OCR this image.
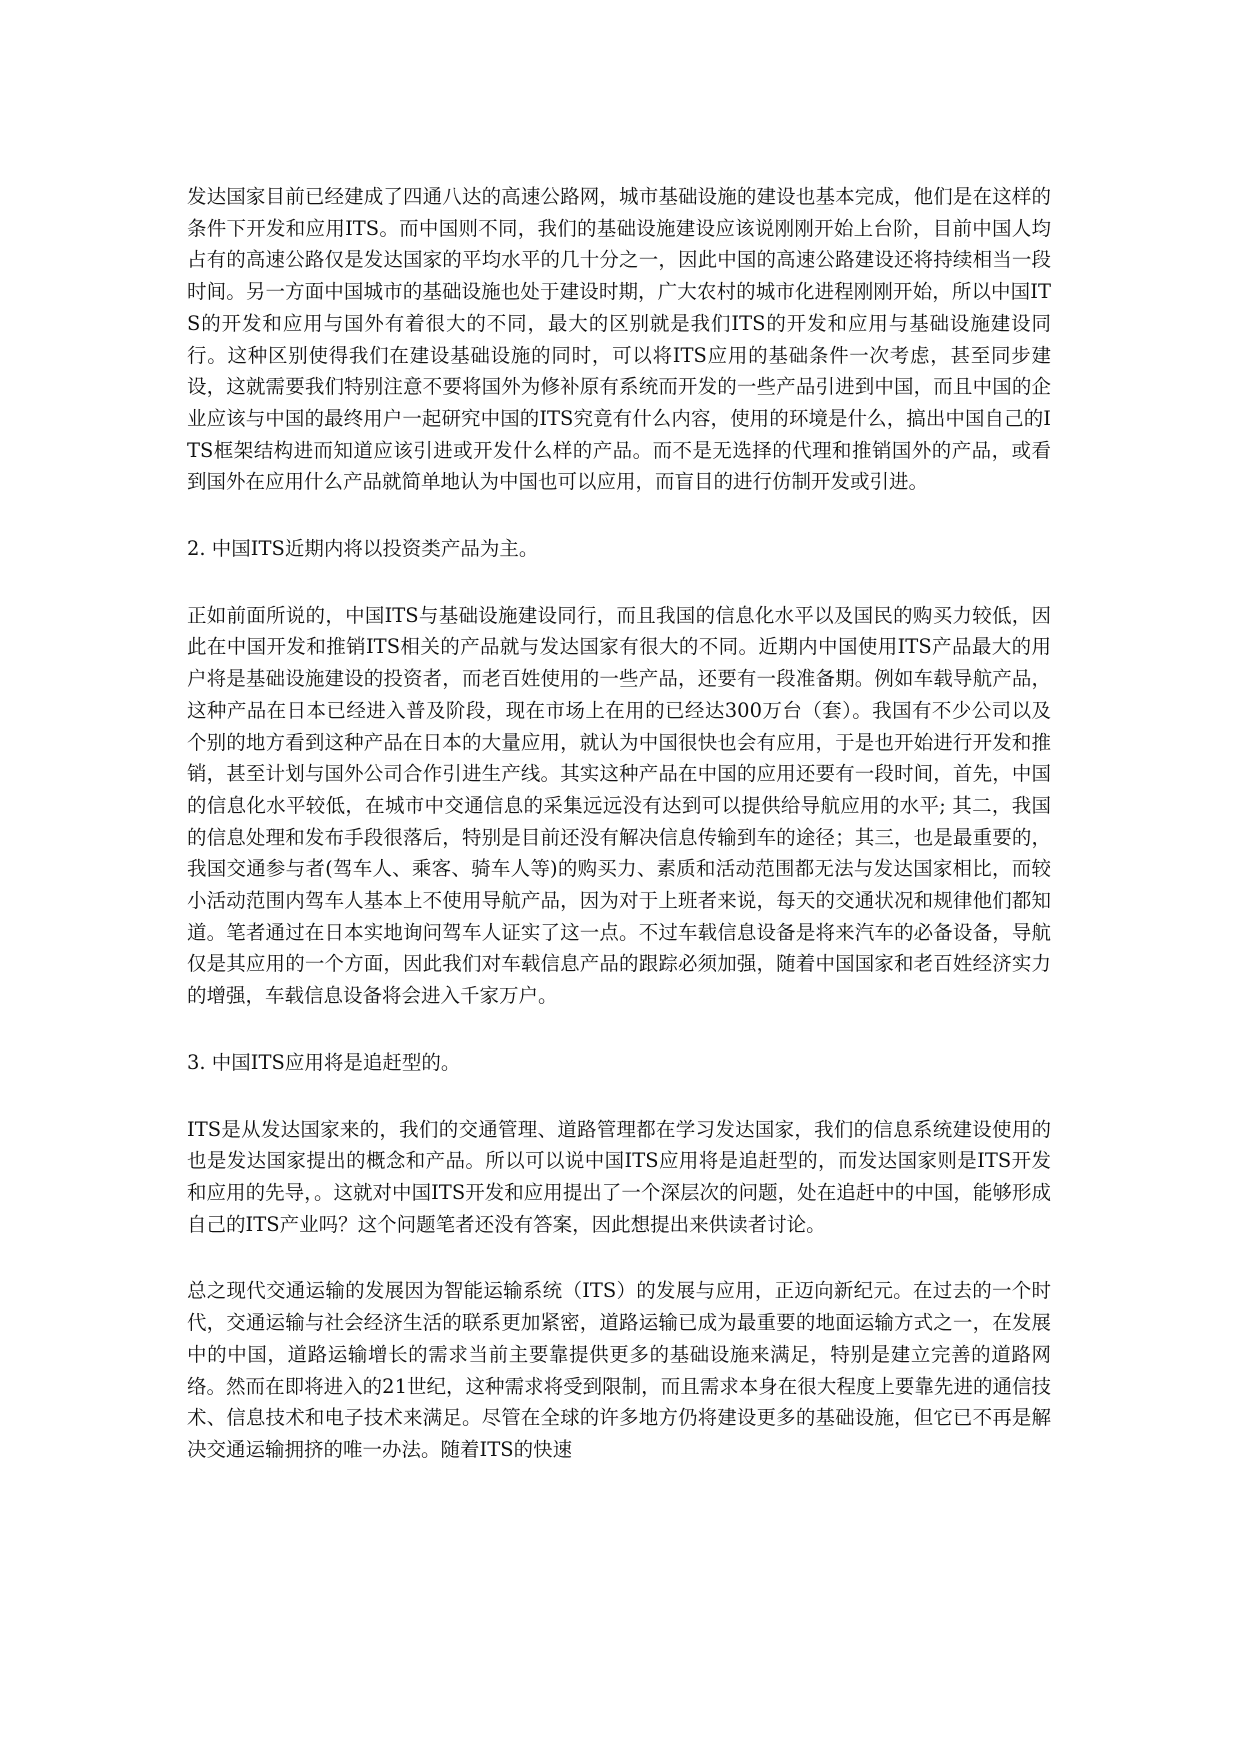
发达国家目前已经建成了四通八达的高速公路网，城市基础设施的建设也基本完成，他们是在这样的条件下开发和应用ITS。而中国则不同，我们的基础设施建设应该说刚刚开始上台阶，目前中国人均占有的高速公路仅是发达国家的平均水平的几十分之一，因此中国的高速公路建设还将持续相当一段时间。另一方面中国城市的基础设施也处于建设时期，广大农村的城市化进程刚刚开始，所以中国ITS的开发和应用与国外有着很大的不同，最大的区别就是我们ITS的开发和应用与基础设施建设同行。这种区别使得我们在建设基础设施的同时，可以将ITS应用的基础条件一次考虑，甚至同步建设，这就需要我们特别注意不要将国外为修补原有系统而开发的一些产品引进到中国，而且中国的企业应该与中国的最终用户一起研究中国的ITS究竟有什么内容，使用的环境是什么，搞出中国自己的ITS框架结构进而知道应该引进或开发什么样的产品。而不是无选择的代理和推销国外的产品，或看到国外在应用什么产品就简单地认为中国也可以应用，而盲目的进行仿制开发或引进。

2. 中国ITS近期内将以投资类产品为主。

正如前面所说的，中国ITS与基础设施建设同行，而且我国的信息化水平以及国民的购买力较低，因此在中国开发和推销ITS相关的产品就与发达国家有很大的不同。近期内中国使用ITS产品最大的用户将是基础设施建设的投资者，而老百姓使用的一些产品，还要有一段准备期。例如车载导航产品，这种产品在日本已经进入普及阶段，现在市场上在用的已经达300万台（套）。我国有不少公司以及个别的地方看到这种产品在日本的大量应用，就认为中国很快也会有应用，于是也开始进行开发和推销，甚至计划与国外公司合作引进生产线。其实这种产品在中国的应用还要有一段时间，首先，中国的信息化水平较低，在城市中交通信息的采集远远没有达到可以提供给导航应用的水平; 其二，我国的信息处理和发布手段很落后，特别是目前还没有解决信息传输到车的途径；其三，也是最重要的，我国交通参与者(驾车人、乘客、骑车人等)的购买力、素质和活动范围都无法与发达国家相比，而较小活动范围内驾车人基本上不使用导航产品，因为对于上班者来说，每天的交通状况和规律他们都知道。笔者通过在日本实地询问驾车人证实了这一点。不过车载信息设备是将来汽车的必备设备，导航仅是其应用的一个方面，因此我们对车载信息产品的跟踪必须加强，随着中国国家和老百姓经济实力的增强，车载信息设备将会进入千家万户。

3. 中国ITS应用将是追赶型的。

ITS是从发达国家来的，我们的交通管理、道路管理都在学习发达国家，我们的信息系统建设使用的也是发达国家提出的概念和产品。所以可以说中国ITS应用将是追赶型的，而发达国家则是ITS开发和应用的先导，。这就对中国ITS开发和应用提出了一个深层次的问题，处在追赶中的中国，能够形成自己的ITS产业吗？这个问题笔者还没有答案，因此想提出来供读者讨论。

总之现代交通运输的发展因为智能运输系统（ITS）的发展与应用，正迈向新纪元。在过去的一个时代，交通运输与社会经济生活的联系更加紧密，道路运输已成为最重要的地面运输方式之一，在发展中的中国，道路运输增长的需求当前主要靠提供更多的基础设施来满足，特别是建立完善的道路网络。然而在即将进入的21世纪，这种需求将受到限制，而且需求本身在很大程度上要靠先进的通信技术、信息技术和电子技术来满足。尽管在全球的许多地方仍将建设更多的基础设施，但它已不再是解决交通运输拥挤的唯一办法。随着ITS的快速
